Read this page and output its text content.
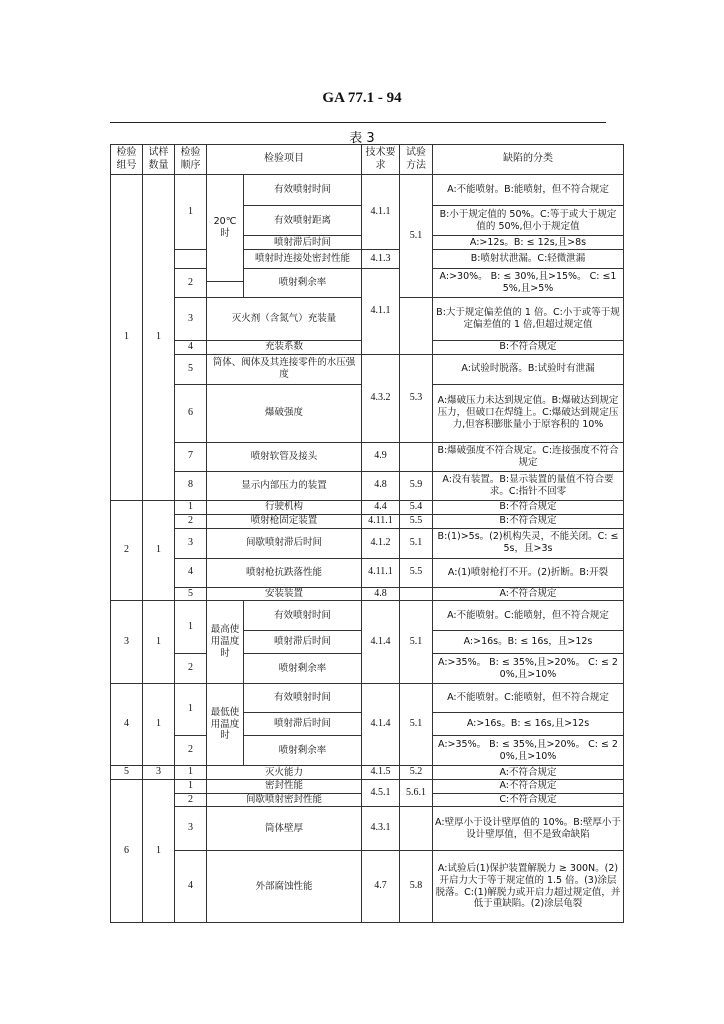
GA 77.1 - 94
表 3
检验组号	试样数量	检验顺序	检验项目		技术要求	试验方法	缺陷的分类
1	1	1	20℃时	有效喷射时间	4.1.1	5.1	A:不能喷射。B:能喷射，但不符合规定
				有效喷射距离			B:小于规定值的 50%。C:等于或大于规定值的 50%,但小于规定值
				喷射滞后时间			A:>12s。B: ≤ 12s,且>8s
				喷射时连接处密封性能	4.1.3		B:喷射状泄漏。C:轻微泄漏
		2		喷射剩余率	4.1.1		A:>30%。 B: ≤ 30%,且>15%。 C: ≤15%,且>5%

		3	灭火剂（含氮气）充装量				B:大于规定偏差值的 1 倍。C:小于或等于规定偏差值的 1 倍,但超过规定值

		4	充装系数				B:不符合规定
		5	筒体、阀体及其连接零件的水压强度		4.3.2	5.3	A:试验时脱落。B:试验时有泄漏
		6	爆破强度				A:爆破压力未达到规定值。B:爆破达到规定压力，但破口在焊缝上。C:爆破达到规定压力,但容积膨胀量小于原容积的 10%

		7	喷射软管及接头		4.9		B:爆破强度不符合规定。C:连接强度不符合规定
		8	显示内部压力的装置		4.8	5.9	A:没有装置。B:显示装置的量值不符合要求。C:指针不回零

2	1	1	行驶机构		4.4	5.4	B:不符合规定
		2	喷射枪固定装置		4.11.1	5.5	B:不符合规定
		3	间歇喷射滞后时间		4.1.2	5.1	B:(1)>5s。(2)机构失灵，不能关闭。C: ≤ 5s，且>3s
		4	喷射枪抗跌落性能		4.11.1	5.5	A:(1)喷射枪打不开。(2)折断。B:开裂
		5	安装装置		4.8		A:不符合规定
3	1	1	最高使用温度时	有效喷射时间	4.1.4	5.1	A:不能喷射。C:能喷射，但不符合规定
				喷射滞后时间			A:>16s。B: ≤ 16s，且>12s
		2		喷射剩余率			A:>35%。 B: ≤ 35%,且>20%。 C: ≤ 20%,且>10%
4	1	1	最低使用温度时	有效喷射时间	4.1.4	5.1	A:不能喷射。C:能喷射，但不符合规定
				喷射滞后时间			A:>16s。B: ≤ 16s,且>12s
		2		喷射剩余率			A:>35%。 B: ≤ 35%,且>20%。 C: ≤ 20%,且>10%
5	3	1	灭火能力		4.1.5	5.2	A:不符合规定
6	1	1	密封性能		4.5.1	5.6.1	A:不符合规定
		2	间歇喷射密封性能				C:不符合规定
		3	筒体壁厚		4.3.1		A:壁厚小于设计壁厚值的 10%。B:壁厚小于设计壁厚值，但不是致命缺陷
		4	外部腐蚀性能		4.7	5.8	A:试验后(1)保护装置解脱力 ≥ 300N。(2)开启力大于等于规定值的 1.5 倍。(3)涂层脱落。C:(1)解脱力或开启力超过规定值，并低于重缺陷。(2)涂层龟裂
